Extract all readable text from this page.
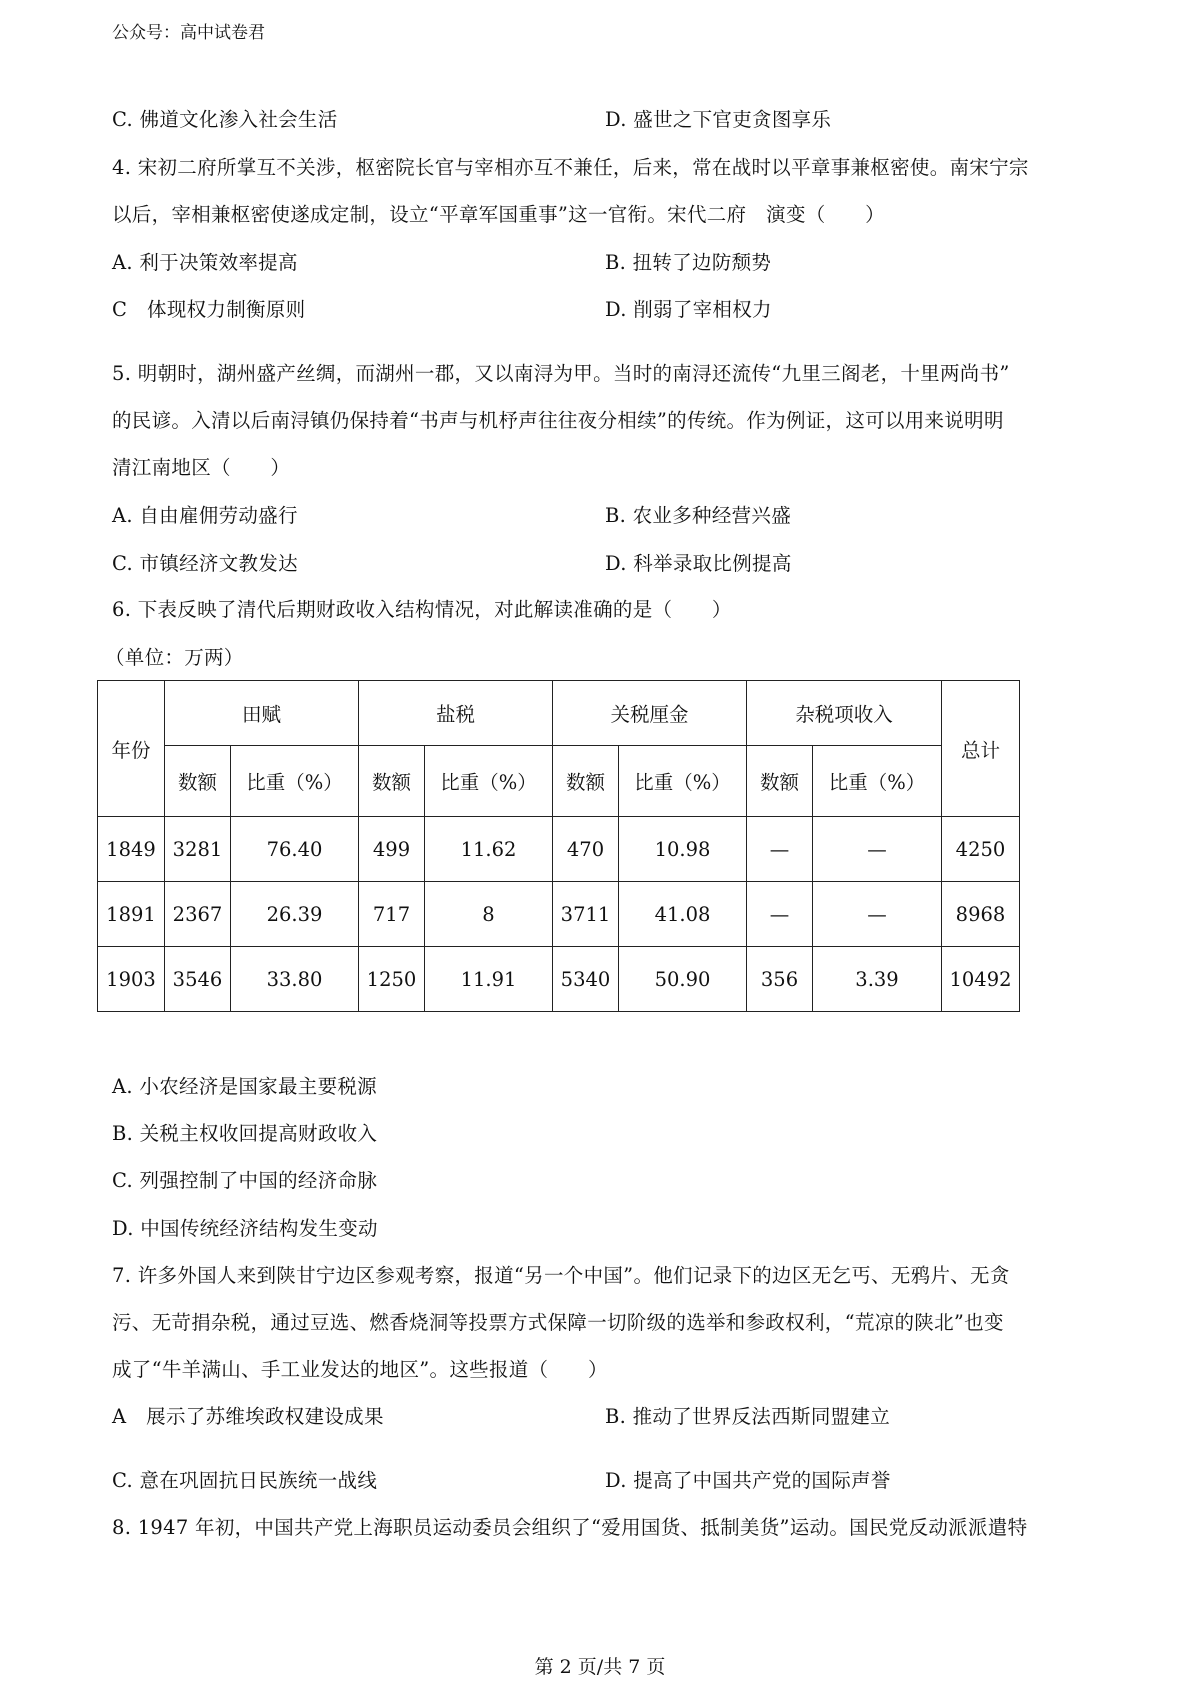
公众号：高中试卷君
C. 佛道文化渗入社会生活	D. 盛世之下官吏贪图享乐
4. 宋初二府所掌互不关涉，枢密院长官与宰相亦互不兼任，后来，常在战时以平章事兼枢密使。南宋宁宗
以后，宰相兼枢密使遂成定制，设立“平章军国重事”这一官衔。宋代二府　演变（　　）
A. 利于决策效率提高	B. 扭转了边防颓势
C　体现权力制衡原则	D. 削弱了宰相权力
5. 明朝时，湖州盛产丝绸，而湖州一郡，又以南浔为甲。当时的南浔还流传“九里三阁老，十里两尚书”
的民谚。入清以后南浔镇仍保持着“书声与机杼声往往夜分相续”的传统。作为例证，这可以用来说明明
清江南地区（　　）
A. 自由雇佣劳动盛行	B. 农业多种经营兴盛
C. 市镇经济文教发达	D. 科举录取比例提高
6. 下表反映了清代后期财政收入结构情况，对此解读准确的是（　　）
（单位：万两）
年份	田赋		盐税		关税厘金		杂税项收入		总计
	数额	比重（%）	数额	比重（%）	数额	比重（%）	数额	比重（%）	
1849	3281	76.40	499	11.62	470	10.98	—	—	4250
1891	2367	26.39	717	8	3711	41.08	—	—	8968
1903	3546	33.80	1250	11.91	5340	50.90	356	3.39	10492
A. 小农经济是国家最主要税源
B. 关税主权收回提高财政收入
C. 列强控制了中国的经济命脉
D. 中国传统经济结构发生变动
7. 许多外国人来到陕甘宁边区参观考察，报道“另一个中国”。他们记录下的边区无乞丐、无鸦片、无贪
污、无苛捐杂税，通过豆选、燃香烧洞等投票方式保障一切阶级的选举和参政权利，“荒凉的陕北”也变
成了“牛羊满山、手工业发达的地区”。这些报道（　　）
A　展示了苏维埃政权建设成果	B. 推动了世界反法西斯同盟建立
C. 意在巩固抗日民族统一战线	D. 提高了中国共产党的国际声誉
8. 1947 年初，中国共产党上海职员运动委员会组织了“爱用国货、抵制美货”运动。国民党反动派派遣特
第 2 页/共 7 页
